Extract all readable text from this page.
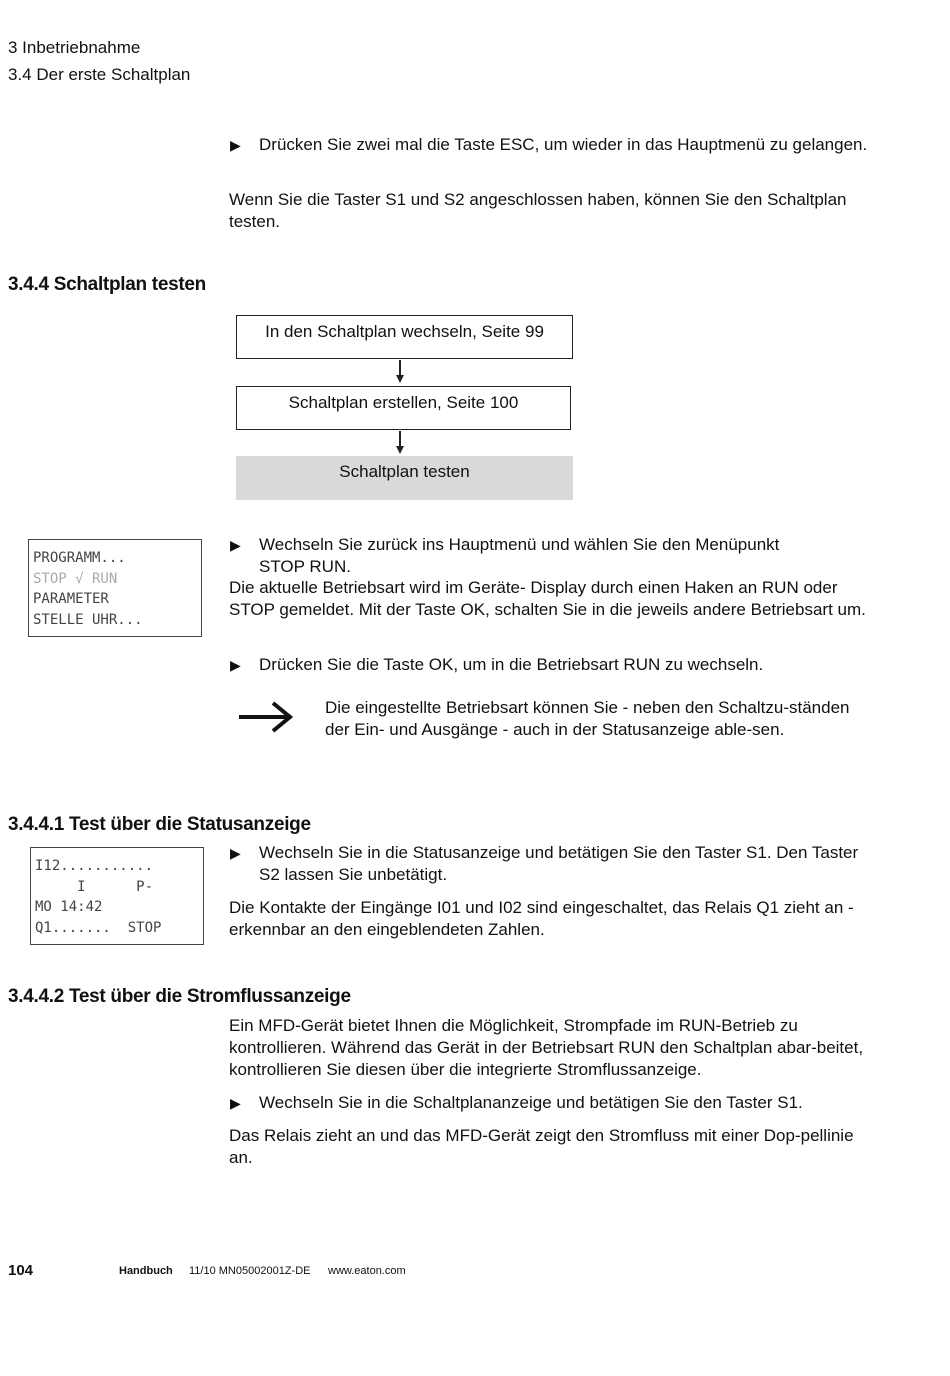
3 Inbetriebnahme
3.4 Der erste Schaltplan
▶ Drücken Sie zwei mal die Taste ESC, um wieder in das Hauptmenü zu gelangen.
Wenn Sie die Taster S1 und S2 angeschlossen haben, können Sie den Schaltplan testen.
3.4.4 Schaltplan testen
In den Schaltplan wechseln, Seite 99
Schaltplan erstellen, Seite 100
Schaltplan testen
PROGRAMM...
STOP √ RUN
PARAMETER
STELLE UHR...
▶ Wechseln Sie zurück ins Hauptmenü und wählen Sie den Menüpunkt
STOP RUN.
Die aktuelle Betriebsart wird im Geräte- Display durch einen Haken an RUN oder STOP gemeldet. Mit der Taste OK, schalten Sie in die jeweils andere Betriebsart um.
▶ Drücken Sie die Taste OK, um in die Betriebsart RUN zu wechseln.
Die eingestellte Betriebsart können Sie - neben den Schaltzu-ständen der Ein- und Ausgänge - auch in der Statusanzeige able-sen.
3.4.4.1 Test über die Statusanzeige
I12...........
I      P-
MO 14:42
Q1.......  STOP
▶ Wechseln Sie in die Statusanzeige und betätigen Sie den Taster S1. Den Taster S2 lassen Sie unbetätigt.
Die Kontakte der Eingänge I01 und I02 sind eingeschaltet, das Relais Q1 zieht an - erkennbar an den eingeblendeten Zahlen.
3.4.4.2 Test über die Stromflussanzeige
Ein MFD-Gerät bietet Ihnen die Möglichkeit, Strompfade im RUN-Betrieb zu kontrollieren. Während das Gerät in der Betriebsart RUN den Schaltplan abar-beitet, kontrollieren Sie diesen über die integrierte Stromflussanzeige.
▶ Wechseln Sie in die Schaltplananzeige und betätigen Sie den Taster S1.
Das Relais zieht an und das MFD-Gerät zeigt den Stromfluss mit einer Dop-pellinie an.
104	Handbuch 11/10 MN05002001Z-DE www.eaton.com
